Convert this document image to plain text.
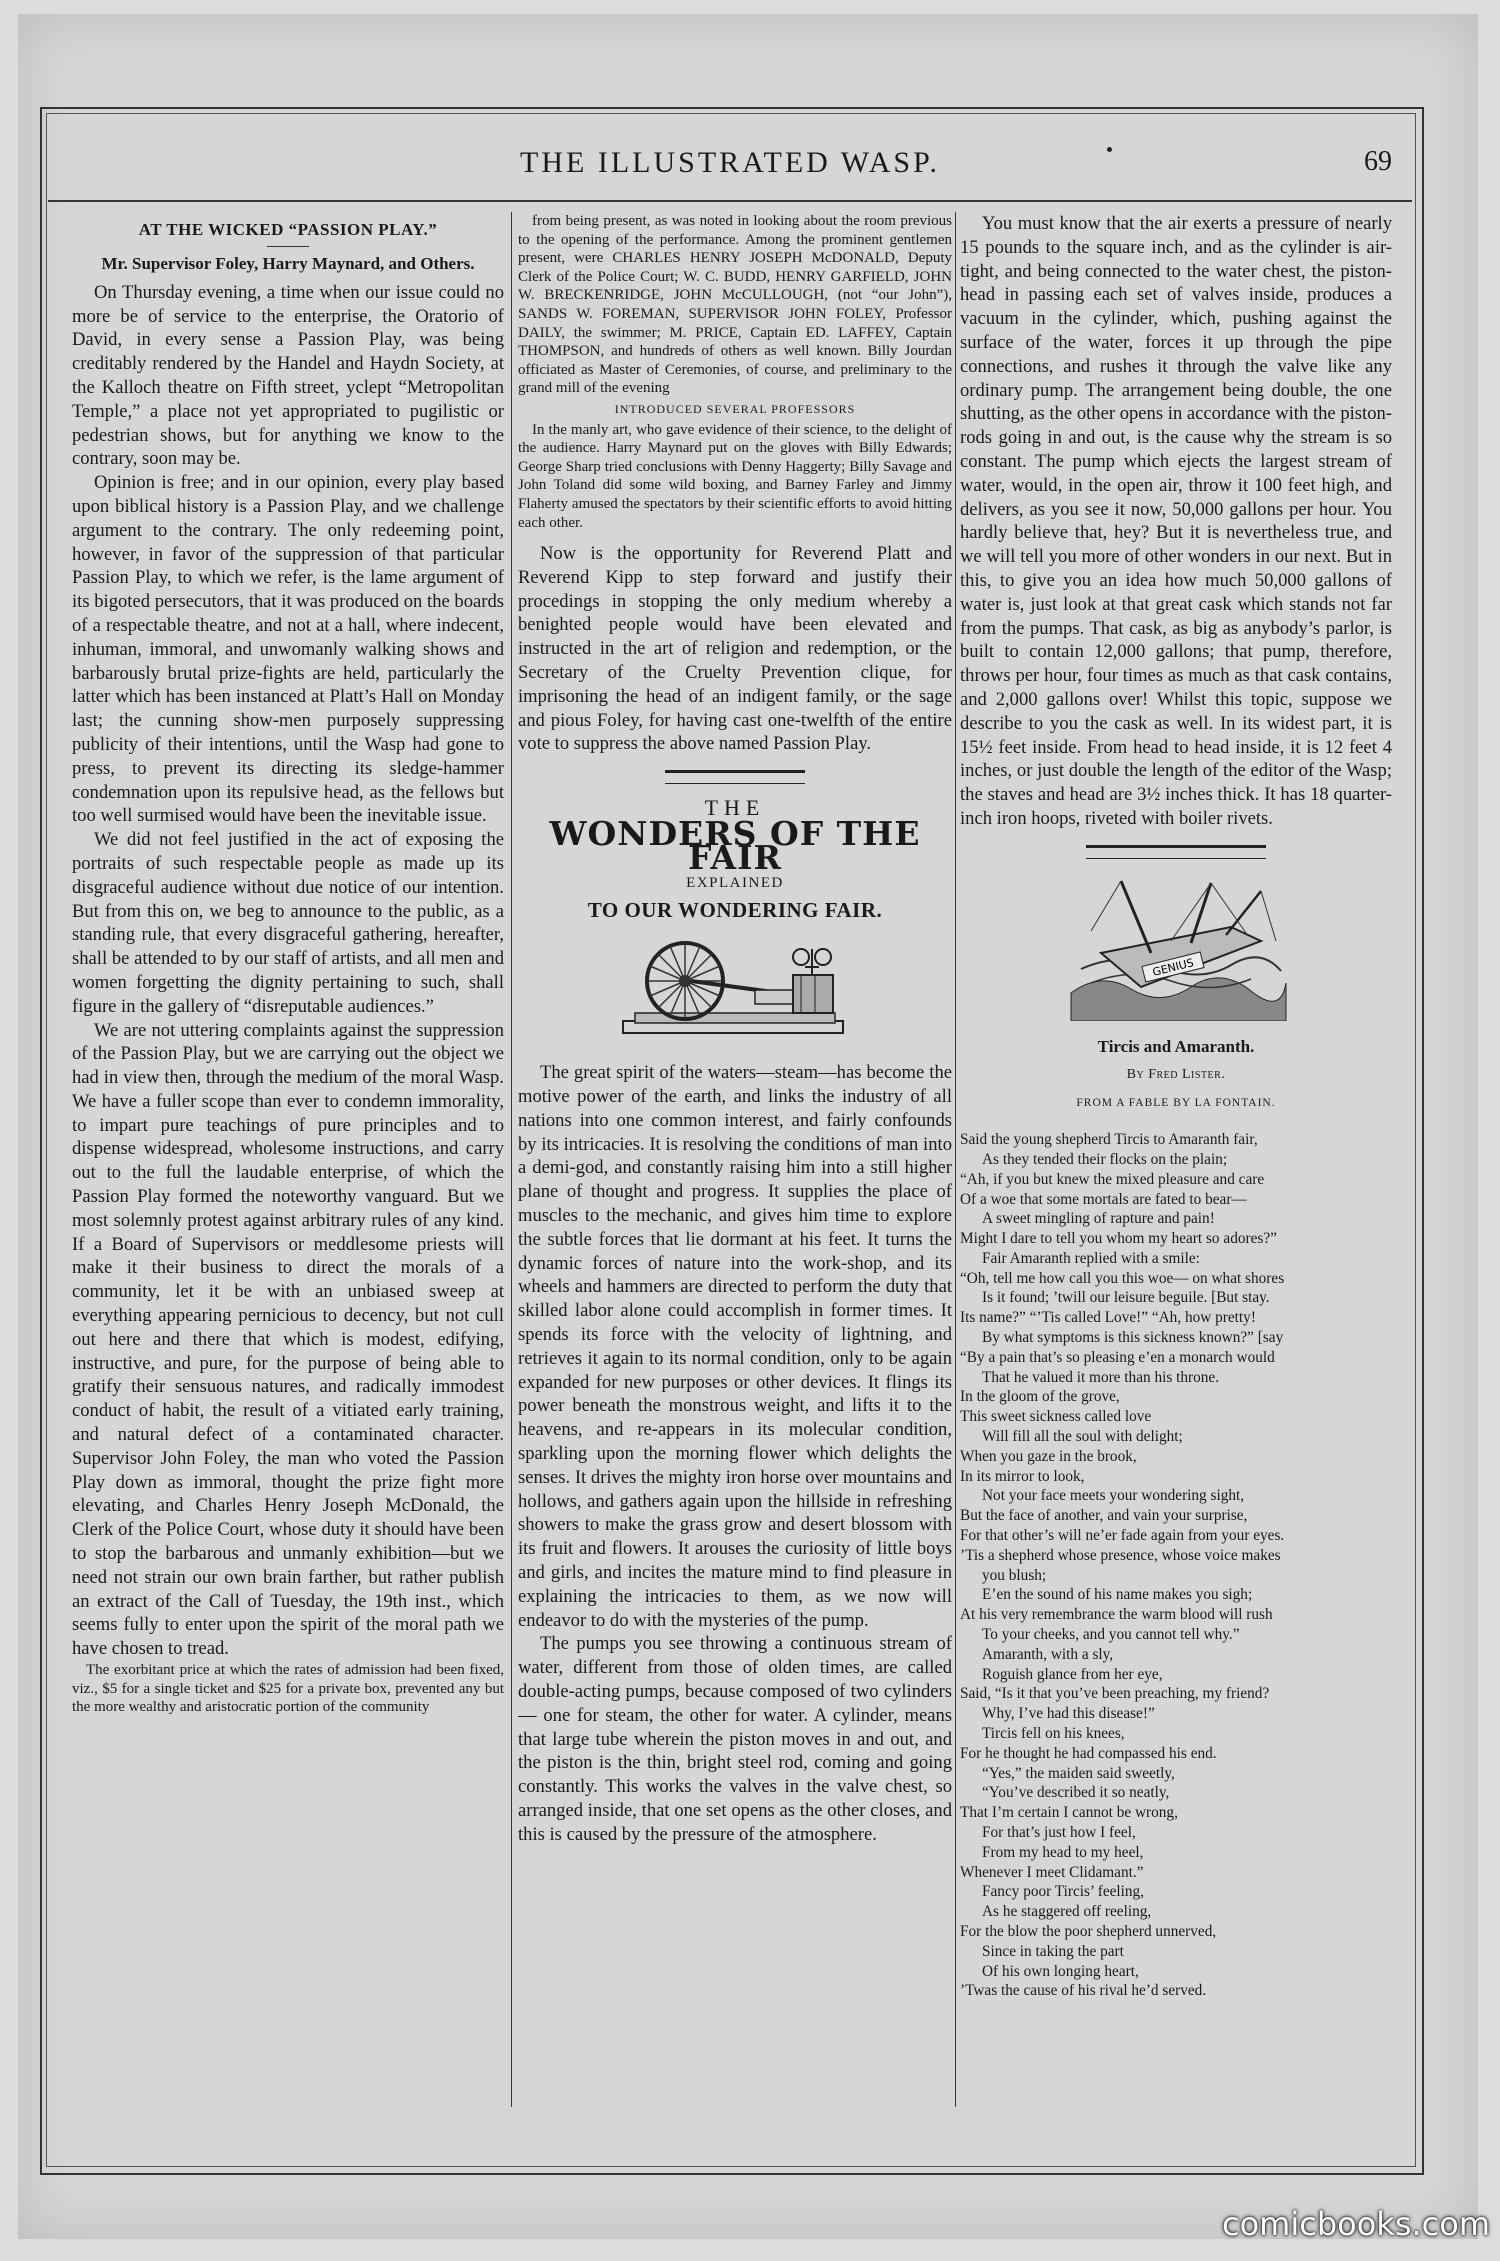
THE ILLUSTRATED WASP.	69
AT THE WICKED “PASSION PLAY.”
Mr. Supervisor Foley, Harry Maynard, and Others.

On Thursday evening, a time when our issue could no more be of service to the enterprise, the Oratorio of David, in every sense a Passion Play, was being creditably rendered by the Handel and Haydn Society, at the Kalloch theatre on Fifth street, yclept “Metropolitan Temple,” a place not yet appropriated to pugilistic or pedestrian shows, but for anything we know to the contrary, soon may be.

Opinion is free; and in our opinion, every play based upon biblical history is a Passion Play, and we challenge argument to the contrary. The only redeeming point, however, in favor of the suppression of that particular Passion Play, to which we refer, is the lame argument of its bigoted persecutors, that it was produced on the boards of a respectable theatre, and not at a hall, where indecent, inhuman, immoral, and unwomanly walking shows and barbarously brutal prize-fights are held, particularly the latter which has been instanced at Platt’s Hall on Monday last; the cunning show-men purposely suppressing publicity of their intentions, until the Wasp had gone to press, to prevent its directing its sledge-hammer condemnation upon its repulsive head, as the fellows but too well surmised would have been the inevitable issue.

We did not feel justified in the act of exposing the portraits of such respectable people as made up its disgraceful audience without due notice of our intention. But from this on, we beg to announce to the public, as a standing rule, that every disgraceful gathering, hereafter, shall be attended to by our staff of artists, and all men and women forgetting the dignity pertaining to such, shall figure in the gallery of “disreputable audiences.”

We are not uttering complaints against the suppression of the Passion Play, but we are carrying out the object we had in view then, through the medium of the moral Wasp. We have a fuller scope than ever to condemn immorality, to impart pure teachings of pure principles and to dispense widespread, wholesome instructions, and carry out to the full the laudable enterprise, of which the Passion Play formed the noteworthy vanguard. But we most solemnly protest against arbitrary rules of any kind. If a Board of Supervisors or meddlesome priests will make it their business to direct the morals of a community, let it be with an unbiased sweep at everything appearing pernicious to decency, but not cull out here and there that which is modest, edifying, instructive, and pure, for the purpose of being able to gratify their sensuous natures, and radically immodest conduct of habit, the result of a vitiated early training, and natural defect of a contaminated character. Supervisor John Foley, the man who voted the Passion Play down as immoral, thought the prize fight more elevating, and Charles Henry Joseph McDonald, the Clerk of the Police Court, whose duty it should have been to stop the barbarous and unmanly exhibition—but we need not strain our own brain farther, but rather publish an extract of the Call of Tuesday, the 19th inst., which seems fully to enter upon the spirit of the moral path we have chosen to tread.

The exorbitant price at which the rates of admission had been fixed, viz., $5 for a single ticket and $25 for a private box, prevented any but the more wealthy and aristocratic portion of the community

from being present, as was noted in looking about the room previous to the opening of the performance. Among the prominent gentlemen present, were CHARLES HENRY JOSEPH McDONALD, Deputy Clerk of the Police Court; W. C. BUDD, HENRY GARFIELD, JOHN W. BRECKENRIDGE, JOHN McCULLOUGH, (not “our John”), SANDS W. FOREMAN, SUPERVISOR JOHN FOLEY, Professor DAILY, the swimmer; M. PRICE, Captain ED. LAFFEY, Captain THOMPSON, and hundreds of others as well known. Billy Jourdan officiated as Master of Ceremonies, of course, and preliminary to the grand mill of the evening

INTRODUCED SEVERAL PROFESSORS

In the manly art, who gave evidence of their science, to the delight of the audience. Harry Maynard put on the gloves with Billy Edwards; George Sharp tried conclusions with Denny Haggerty; Billy Savage and John Toland did some wild boxing, and Barney Farley and Jimmy Flaherty amused the spectators by their scientific efforts to avoid hitting each other.

Now is the opportunity for Reverend Platt and Reverend Kipp to step forward and justify their procedings in stopping the only medium whereby a benighted people would have been elevated and instructed in the art of religion and redemption, or the Secretary of the Cruelty Prevention clique, for imprisoning the head of an indigent family, or the sage and pious Foley, for having cast one-twelfth of the entire vote to suppress the above named Passion Play.

THE
WONDERS OF THE FAIR
EXPLAINED
TO OUR WONDERING FAIR.

The great spirit of the waters—steam—has become the motive power of the earth, and links the industry of all nations into one common interest, and fairly confounds by its intricacies. It is resolving the conditions of man into a demi-god, and constantly raising him into a still higher plane of thought and progress. It supplies the place of muscles to the mechanic, and gives him time to explore the subtle forces that lie dormant at his feet. It turns the dynamic forces of nature into the work-shop, and its wheels and hammers are directed to perform the duty that skilled labor alone could accomplish in former times. It spends its force with the velocity of lightning, and retrieves it again to its normal condition, only to be again expanded for new purposes or other devices. It flings its power beneath the monstrous weight, and lifts it to the heavens, and re-appears in its molecular condition, sparkling upon the morning flower which delights the senses. It drives the mighty iron horse over mountains and hollows, and gathers again upon the hillside in refreshing showers to make the grass grow and desert blossom with its fruit and flowers. It arouses the curiosity of little boys and girls, and incites the mature mind to find pleasure in explaining the intricacies to them, as we now will endeavor to do with the mysteries of the pump.

The pumps you see throwing a continuous stream of water, different from those of olden times, are called double-acting pumps, because composed of two cylinders — one for steam, the other for water. A cylinder, means that large tube wherein the piston moves in and out, and the piston is the thin, bright steel rod, coming and going constantly. This works the valves in the valve chest, so arranged inside, that one set opens as the other closes, and this is caused by the pressure of the atmosphere.

You must know that the air exerts a pressure of nearly 15 pounds to the square inch, and as the cylinder is air-tight, and being connected to the water chest, the piston-head in passing each set of valves inside, produces a vacuum in the cylinder, which, pushing against the surface of the water, forces it up through the pipe connections, and rushes it through the valve like any ordinary pump. The arrangement being double, the one shutting, as the other opens in accordance with the piston-rods going in and out, is the cause why the stream is so constant. The pump which ejects the largest stream of water, would, in the open air, throw it 100 feet high, and delivers, as you see it now, 50,000 gallons per hour. You hardly believe that, hey? But it is nevertheless true, and we will tell you more of other wonders in our next. But in this, to give you an idea how much 50,000 gallons of water is, just look at that great cask which stands not far from the pumps. That cask, as big as anybody’s parlor, is built to contain 12,000 gallons; that pump, therefore, throws per hour, four times as much as that cask contains, and 2,000 gallons over! Whilst this topic, suppose we describe to you the cask as well. In its widest part, it is 15½ feet inside. From head to head inside, it is 12 feet 4 inches, or just double the length of the editor of the Wasp; the staves and head are 3½ inches thick. It has 18 quarter-inch iron hoops, riveted with boiler rivets.

GENIUS
Tircis and Amaranth.
By Fred Lister.
FROM A FABLE BY LA FONTAIN.
Said the young shepherd Tircis to Amaranth fair,
As they tended their flocks on the plain;
“Ah, if you but knew the mixed pleasure and care
Of a woe that some mortals are fated to bear—
A sweet mingling of rapture and pain!
Might I dare to tell you whom my heart so adores?”
Fair Amaranth replied with a smile:
“Oh, tell me how call you this woe— on what shores
Is it found; ’twill our leisure beguile. [But stay.
Its name?” “’Tis called Love!” “Ah, how pretty!
By what symptoms is this sickness known?” [say
“By a pain that’s so pleasing e’en a monarch would
That he valued it more than his throne.
In the gloom of the grove,
This sweet sickness called love
Will fill all the soul with delight;
When you gaze in the brook,
In its mirror to look,
Not your face meets your wondering sight,
But the face of another, and vain your surprise,
For that other’s will ne’er fade again from your eyes.
’Tis a shepherd whose presence, whose voice makes
you blush;
E’en the sound of his name makes you sigh;
At his very remembrance the warm blood will rush
To your cheeks, and you cannot tell why.”
Amaranth, with a sly,
Roguish glance from her eye,
Said, “Is it that you’ve been preaching, my friend?
Why, I’ve had this disease!”
Tircis fell on his knees,
For he thought he had compassed his end.
“Yes,” the maiden said sweetly,
“You’ve described it so neatly,
That I’m certain I cannot be wrong,
For that’s just how I feel,
From my head to my heel,
Whenever I meet Clidamant.”
Fancy poor Tircis’ feeling,
As he staggered off reeling,
For the blow the poor shepherd unnerved,
Since in taking the part
Of his own longing heart,
’Twas the cause of his rival he’d served.
comicbooks.com
